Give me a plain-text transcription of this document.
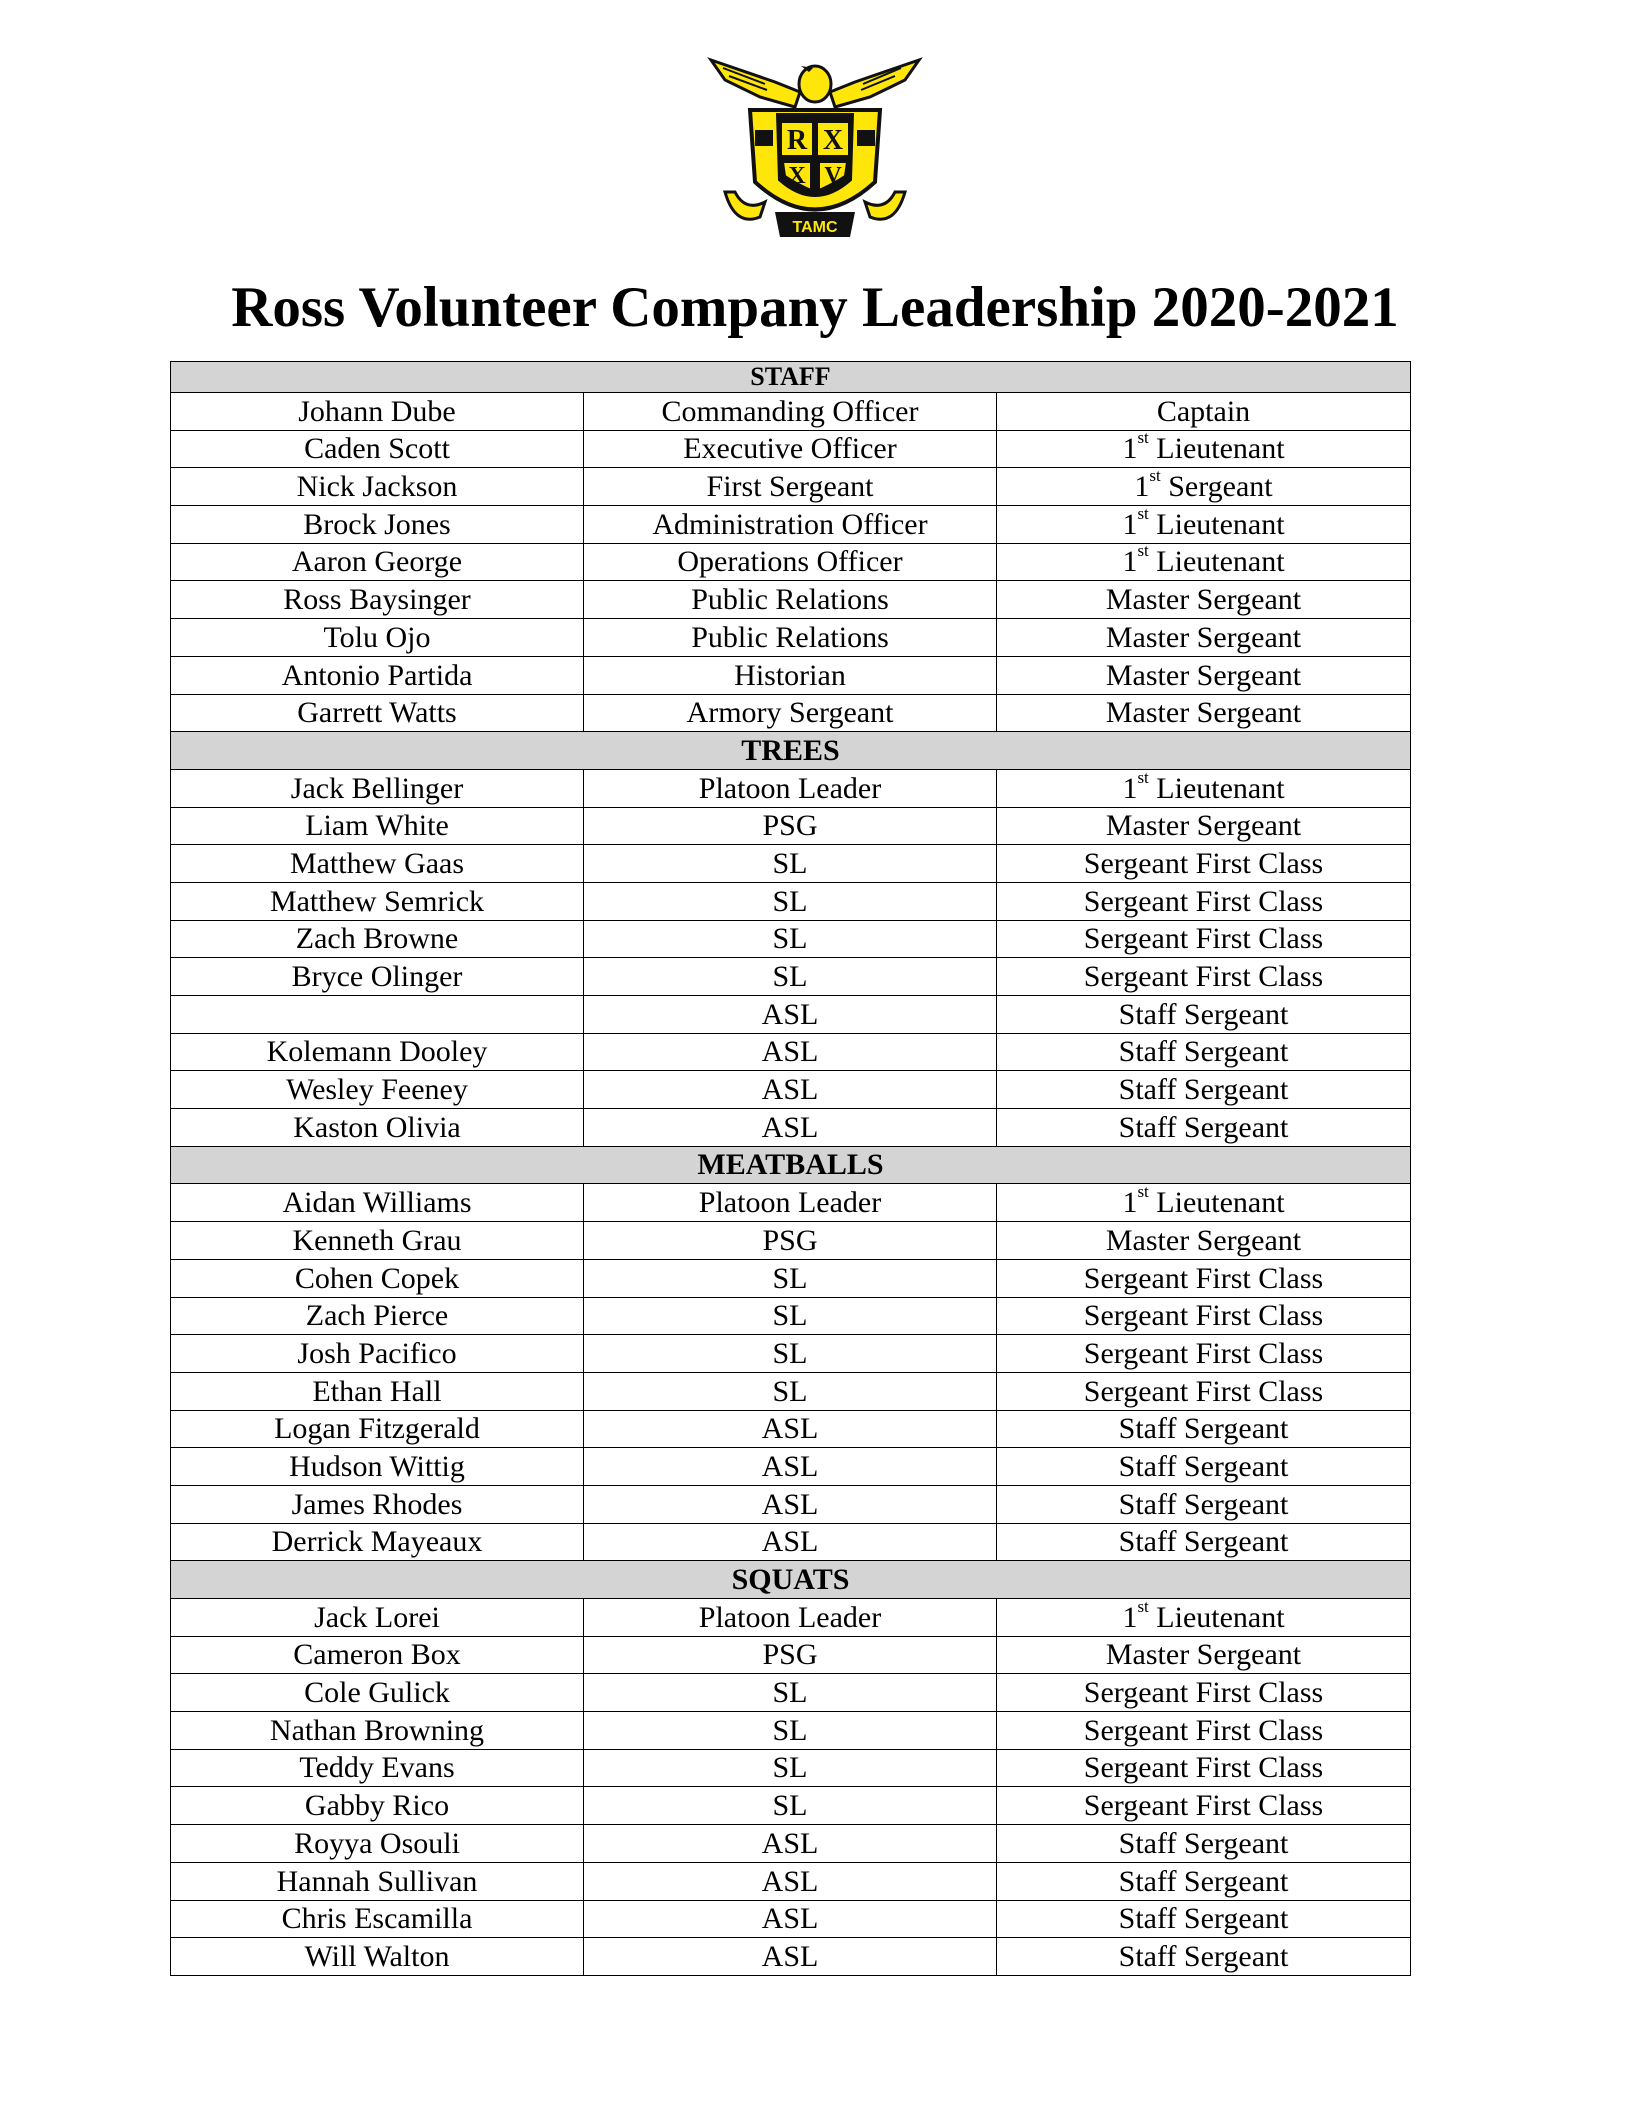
R X
X V
TAMC
Ross Volunteer Company Leadership 2020-2021
STAFF		
Johann Dube	Commanding Officer	Captain
Caden Scott	Executive Officer	1st Lieutenant
Nick Jackson	First Sergeant	1st Sergeant
Brock Jones	Administration Officer	1st Lieutenant
Aaron George	Operations Officer	1st Lieutenant
Ross Baysinger	Public Relations	Master Sergeant
Tolu Ojo	Public Relations	Master Sergeant
Antonio Partida	Historian	Master Sergeant
Garrett Watts	Armory Sergeant	Master Sergeant
TREES		
Jack Bellinger	Platoon Leader	1st Lieutenant
Liam White	PSG	Master Sergeant
Matthew Gaas	SL	Sergeant First Class
Matthew Semrick	SL	Sergeant First Class
Zach Browne	SL	Sergeant First Class
Bryce Olinger	SL	Sergeant First Class
	ASL	Staff Sergeant
Kolemann Dooley	ASL	Staff Sergeant
Wesley Feeney	ASL	Staff Sergeant
Kaston Olivia	ASL	Staff Sergeant
MEATBALLS		
Aidan Williams	Platoon Leader	1st Lieutenant
Kenneth Grau	PSG	Master Sergeant
Cohen Copek	SL	Sergeant First Class
Zach Pierce	SL	Sergeant First Class
Josh Pacifico	SL	Sergeant First Class
Ethan Hall	SL	Sergeant First Class
Logan Fitzgerald	ASL	Staff Sergeant
Hudson Wittig	ASL	Staff Sergeant
James Rhodes	ASL	Staff Sergeant
Derrick Mayeaux	ASL	Staff Sergeant
SQUATS		
Jack Lorei	Platoon Leader	1st Lieutenant
Cameron Box	PSG	Master Sergeant
Cole Gulick	SL	Sergeant First Class
Nathan Browning	SL	Sergeant First Class
Teddy Evans	SL	Sergeant First Class
Gabby Rico	SL	Sergeant First Class
Royya Osouli	ASL	Staff Sergeant
Hannah Sullivan	ASL	Staff Sergeant
Chris Escamilla	ASL	Staff Sergeant
Will Walton	ASL	Staff Sergeant
